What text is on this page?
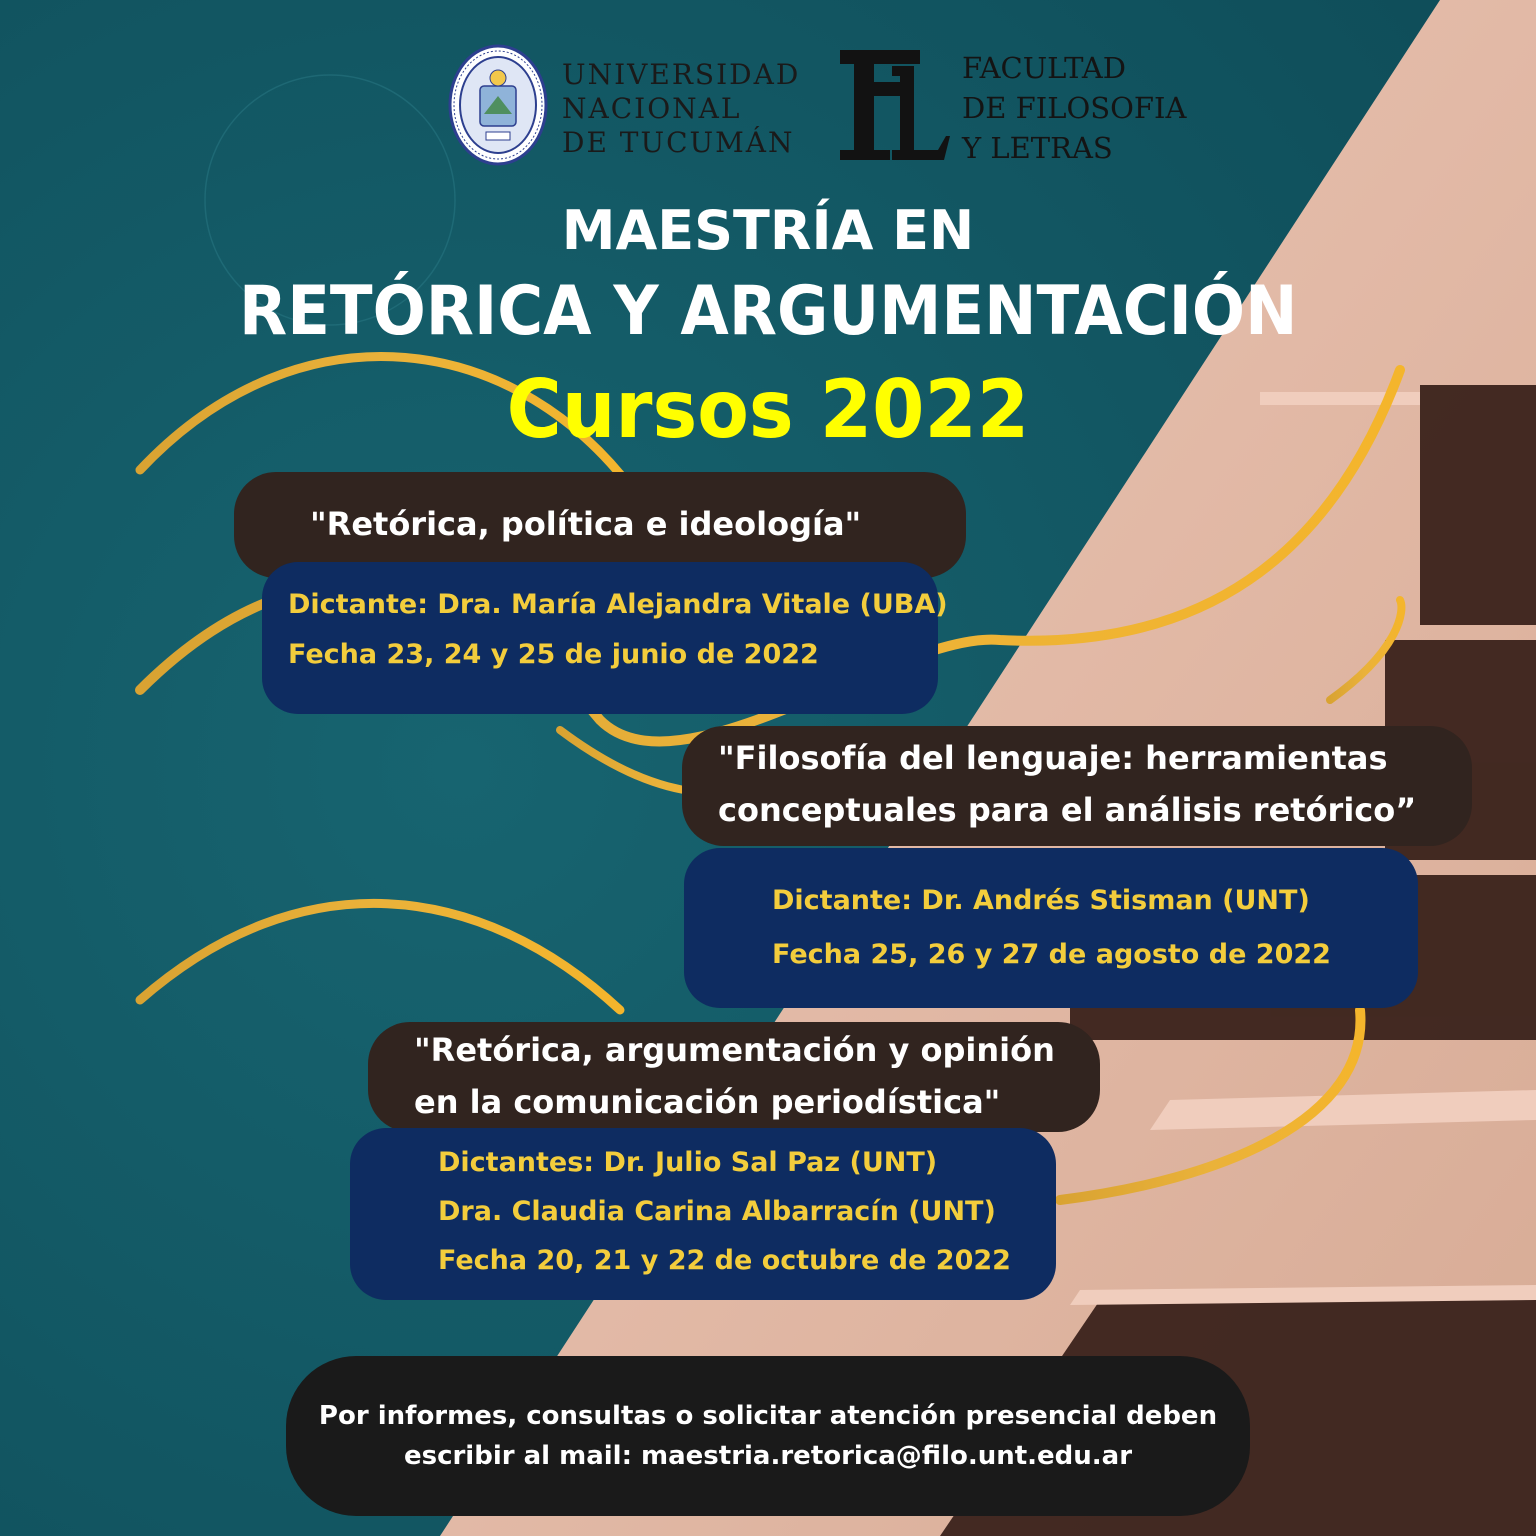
UNIVERSIDAD
NACIONAL
DE TUCUMÁN
FACULTAD
DE FILOSOFIA
Y LETRAS
MAESTRÍA EN
RETÓRICA Y ARGUMENTACIÓN
Cursos 2022
"Retórica, política e ideología"
Dictante: Dra. María Alejandra Vitale (UBA)
Fecha 23, 24 y 25 de junio de 2022
"Filosofía del lenguaje: herramientas
conceptuales para el análisis retórico”
Dictante: Dr. Andrés Stisman (UNT)
Fecha 25, 26 y 27 de agosto de 2022
"Retórica, argumentación y opinión
en la comunicación periodística"
Dictantes: Dr. Julio Sal Paz (UNT)
Dra. Claudia Carina Albarracín (UNT)
Fecha 20, 21 y 22 de octubre de 2022
Por informes, consultas o solicitar atención presencial deben
escribir al mail: maestria.retorica@filo.unt.edu.ar
